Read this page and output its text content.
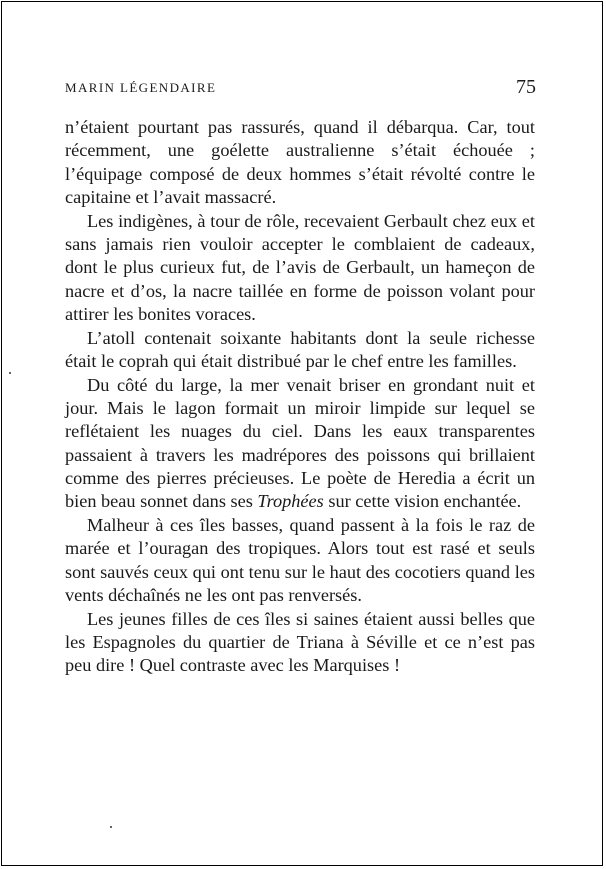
MARIN LÉGENDAIRE	75

n’étaient pourtant pas rassurés, quand il débarqua. Car, tout récemment, une goélette australienne s’était échouée ; l’équipage composé de deux hommes s’était révolté contre le capitaine et l’avait massacré.

Les indigènes, à tour de rôle, recevaient Gerbault chez eux et sans jamais rien vouloir accepter le comblaient de cadeaux, dont le plus curieux fut, de l’avis de Gerbault, un hameçon de nacre et d’os, la nacre taillée en forme de poisson volant pour attirer les bonites voraces.

L’atoll contenait soixante habitants dont la seule richesse était le coprah qui était distribué par le chef entre les familles.

Du côté du large, la mer venait briser en grondant nuit et jour. Mais le lagon formait un miroir limpide sur lequel se reflétaient les nuages du ciel. Dans les eaux transparentes passaient à travers les madrépores des poissons qui brillaient comme des pierres précieuses. Le poète de Heredia a écrit un bien beau sonnet dans ses Trophées sur cette vision enchantée.

Malheur à ces îles basses, quand passent à la fois le raz de marée et l’ouragan des tropiques. Alors tout est rasé et seuls sont sauvés ceux qui ont tenu sur le haut des cocotiers quand les vents déchaînés ne les ont pas renversés.

Les jeunes filles de ces îles si saines étaient aussi belles que les Espagnoles du quartier de Triana à Séville et ce n’est pas peu dire ! Quel contraste avec les Marquises !
